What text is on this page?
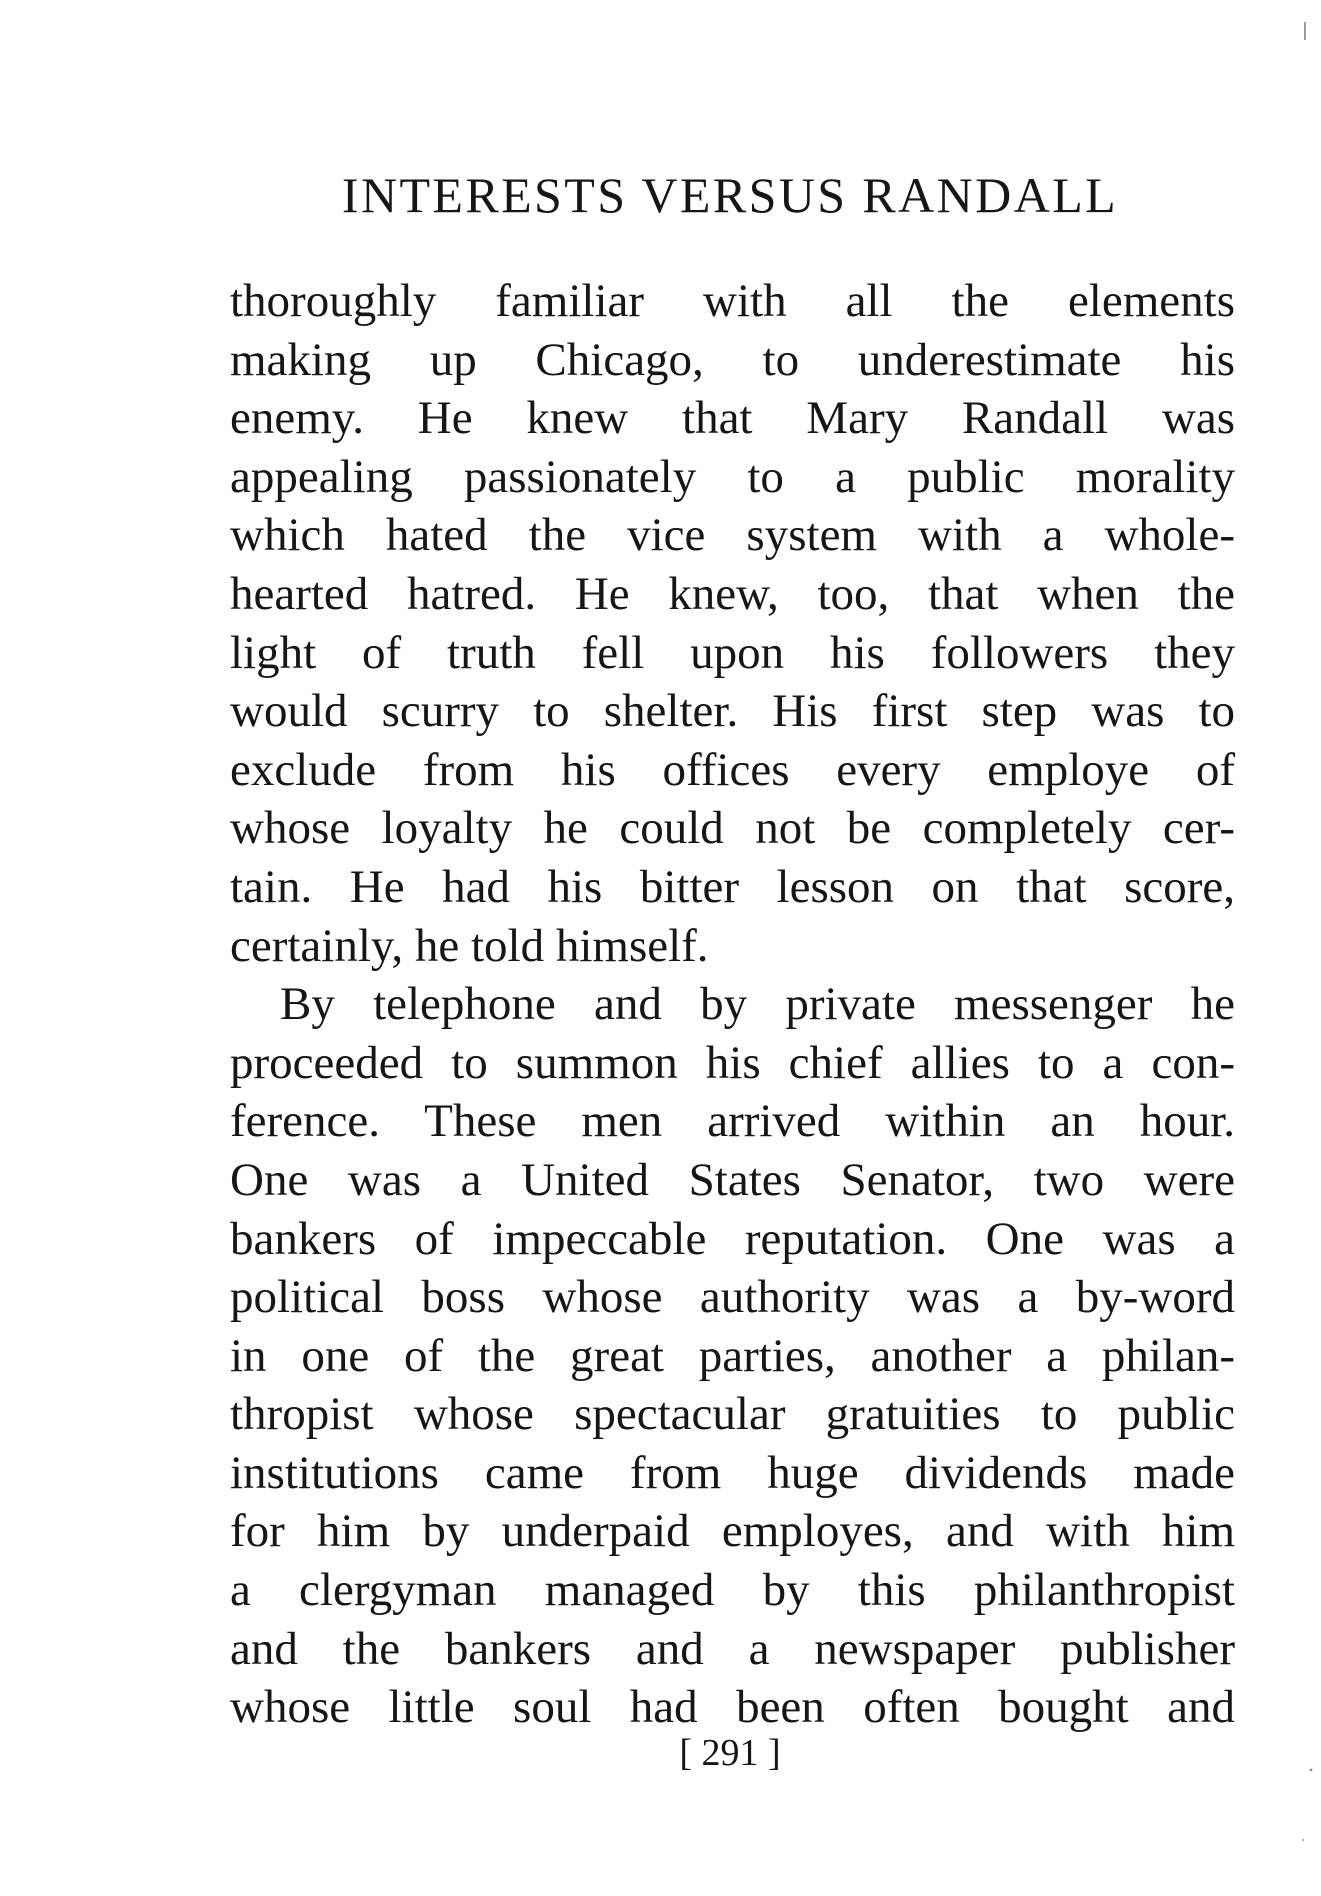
INTERESTS VERSUS RANDALL
thoroughly familiar with all the elements
making up Chicago, to underestimate his
enemy. He knew that Mary Randall was
appealing passionately to a public morality
which hated the vice system with a whole-
hearted hatred. He knew, too, that when the
light of truth fell upon his followers they
would scurry to shelter. His first step was to
exclude from his offices every employe of
whose loyalty he could not be completely cer-
tain. He had his bitter lesson on that score,
certainly, he told himself.
By telephone and by private messenger he
proceeded to summon his chief allies to a con-
ference. These men arrived within an hour.
One was a United States Senator, two were
bankers of impeccable reputation. One was a
political boss whose authority was a by-word
in one of the great parties, another a philan-
thropist whose spectacular gratuities to public
institutions came from huge dividends made
for him by underpaid employes, and with him
a clergyman managed by this philanthropist
and the bankers and a newspaper publisher
whose little soul had been often bought and
[ 291 ]
